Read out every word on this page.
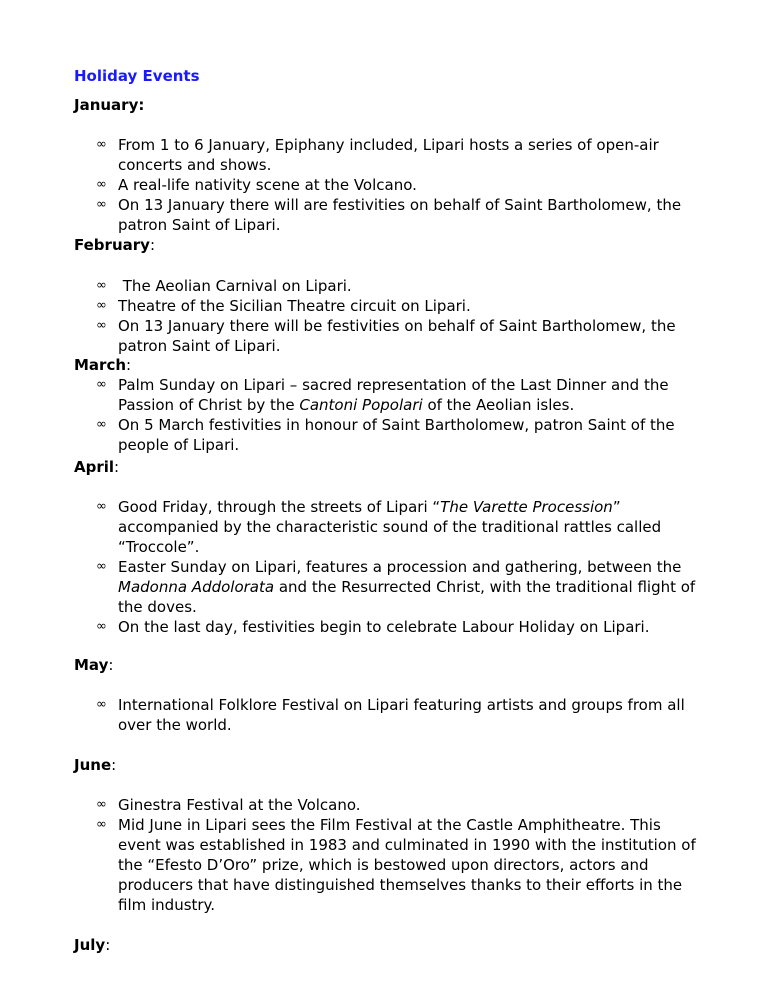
Holiday Events

January:

∞ From 1 to 6 January, Epiphany included, Lipari hosts a series of open-air concerts and shows.
∞ A real-life nativity scene at the Volcano.
∞ On 13 January there will are festivities on behalf of Saint Bartholomew, the patron Saint of Lipari.

February:

∞ The Aeolian Carnival on Lipari.
∞ Theatre of the Sicilian Theatre circuit on Lipari.
∞ On 13 January there will be festivities on behalf of Saint Bartholomew, the patron Saint of Lipari.

March:

∞ Palm Sunday on Lipari – sacred representation of the Last Dinner and the Passion of Christ by the Cantoni Popolari of the Aeolian isles.
∞ On 5 March festivities in honour of Saint Bartholomew, patron Saint of the people of Lipari.

April:

∞ Good Friday, through the streets of Lipari “The Varette Procession” accompanied by the characteristic sound of the traditional rattles called “Troccole”.
∞ Easter Sunday on Lipari, features a procession and gathering, between the Madonna Addolorata and the Resurrected Christ, with the traditional flight of the doves.
∞ On the last day, festivities begin to celebrate Labour Holiday on Lipari.

May:

∞ International Folklore Festival on Lipari featuring artists and groups from all over the world.

June:

∞ Ginestra Festival at the Volcano.
∞ Mid June in Lipari sees the Film Festival at the Castle Amphitheatre. This event was established in 1983 and culminated in 1990 with the institution of the “Efesto D’Oro” prize, which is bestowed upon directors, actors and producers that have distinguished themselves thanks to their efforts in the film industry.

July:
